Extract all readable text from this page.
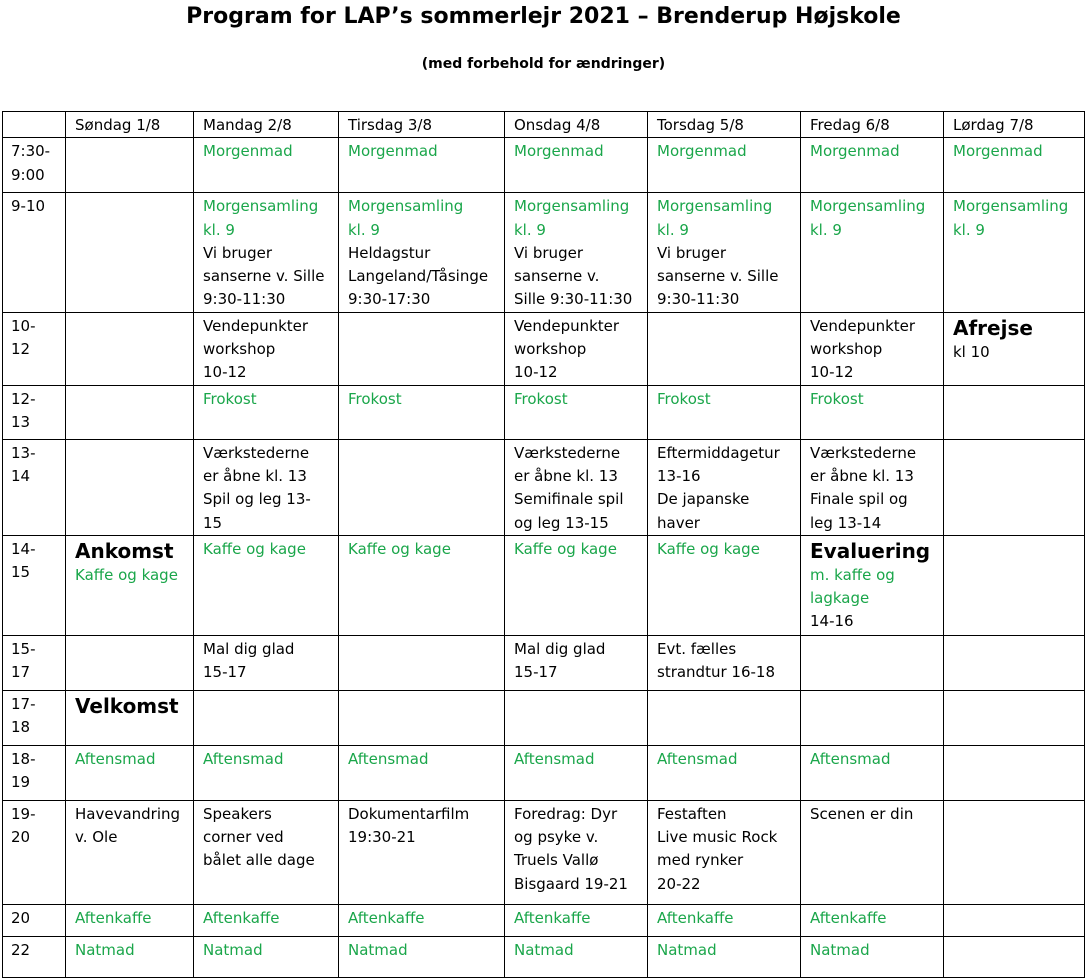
Program for LAP’s sommerlejr 2021 – Brenderup Højskole
(med forbehold for ændringer)
	Søndag 1/8	Mandag 2/8	Tirsdag 3/8	Onsdag 4/8	Torsdag 5/8	Fredag 6/8	Lørdag 7/8

7:30-
9:00		Morgenmad	Morgenmad	Morgenmad	Morgenmad	Morgenmad	Morgenmad

9-10		Morgensamling
kl. 9
Vi bruger
sanserne v. Sille
9:30-11:30	Morgensamling
kl. 9
Heldagstur
Langeland/Tåsinge
9:30-17:30	Morgensamling
kl. 9
Vi bruger
sanserne v.
Sille 9:30-11:30	Morgensamling
kl. 9
Vi bruger
sanserne v. Sille
9:30-11:30	Morgensamling
kl. 9	Morgensamling
kl. 9

10-
12		Vendepunkter
workshop
10-12		Vendepunkter
workshop
10-12		Vendepunkter
workshop
10-12	Afrejse
kl 10

12-
13		Frokost	Frokost	Frokost	Frokost	Frokost	

13-
14		Værkstederne
er åbne kl. 13
Spil og leg 13-
15		Værkstederne
er åbne kl. 13
Semifinale spil
og leg 13-15	Eftermiddagetur
13-16
De japanske
haver	Værkstederne
er åbne kl. 13
Finale spil og
leg 13-14	

14-
15	Ankomst
Kaffe og kage	Kaffe og kage	Kaffe og kage	Kaffe og kage	Kaffe og kage	Evaluering
m. kaffe og
lagkage
14-16	

15-
17		Mal dig glad
15-17		Mal dig glad
15-17	Evt. fælles
strandtur 16-18		

17-
18	Velkomst						

18-
19	Aftensmad	Aftensmad	Aftensmad	Aftensmad	Aftensmad	Aftensmad	

19-
20	Havevandring
v. Ole	Speakers
corner ved
bålet alle dage	Dokumentarfilm
19:30-21	Foredrag: Dyr
og psyke v.
Truels Vallø
Bisgaard 19-21	Festaften
Live music Rock
med rynker
20-22	Scenen er din	

20	Aftenkaffe	Aftenkaffe	Aftenkaffe	Aftenkaffe	Aftenkaffe	Aftenkaffe	

22	Natmad	Natmad	Natmad	Natmad	Natmad	Natmad	
